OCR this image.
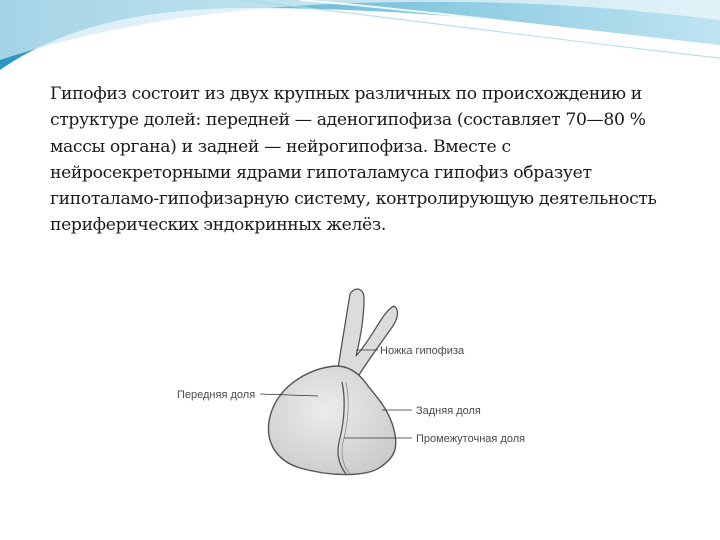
Гипофиз состоит из двух крупных различных по происхождению и структуре долей: передней — аденогипофиза (составляет 70—80 % массы органа) и задней — нейрогипофиза. Вместе с нейросекреторными ядрами гипоталамуса гипофиз образует гипоталамо-гипофизарную систему, контролирующую деятельность периферических эндокринных желёз.
Ножка гипофиза
Передняя доля
Задняя доля
Промежуточная доля
